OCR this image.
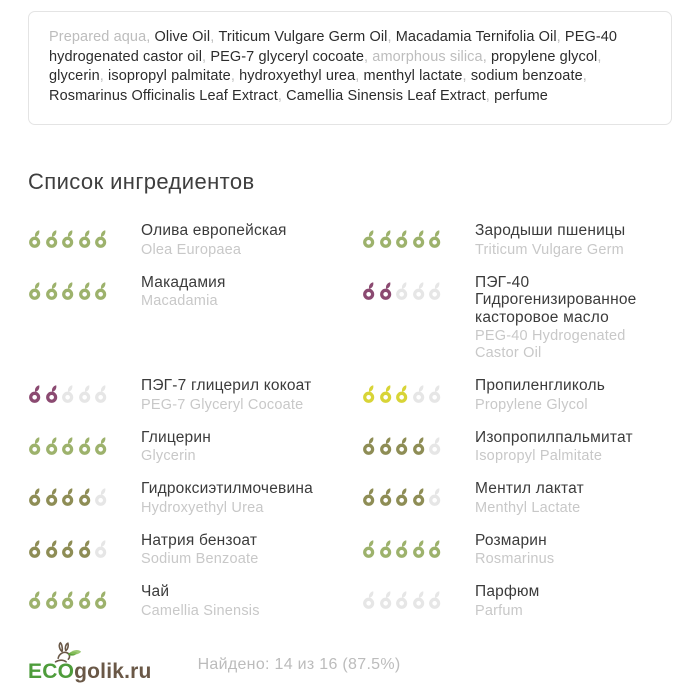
Prepared aqua, Olive Oil, Triticum Vulgare Germ Oil, Macadamia Ternifolia Oil, PEG-40 hydrogenated castor oil, PEG-7 glyceryl cocoate, amorphous silica, propylene glycol, glycerin, isopropyl palmitate, hydroxyethyl urea, menthyl lactate, sodium benzoate, Rosmarinus Officinalis Leaf Extract, Camellia Sinensis Leaf Extract, perfume
Список ингредиентов
Олива европейская
Olea Europaea
Зародыши пшеницы
Triticum Vulgare Germ
Макадамия
Macadamia
ПЭГ-40 Гидрогенизированное касторовое масло
PEG-40 Hydrogenated Castor Oil
ПЭГ-7 глицерил кокоат
PEG-7 Glyceryl Cocoate
Пропиленгликоль
Propylene Glycol
Глицерин
Glycerin
Изопропилпальмитат
Isopropyl Palmitate
Гидроксиэтилмочевина
Hydroxyethyl Urea
Ментил лактат
Menthyl Lactate
Натрия бензоат
Sodium Benzoate
Розмарин
Rosmarinus
Чай
Camellia Sinensis
Парфюм
Parfum
ECO golik.ru	Найдено: 14 из 16 (87.5%)
